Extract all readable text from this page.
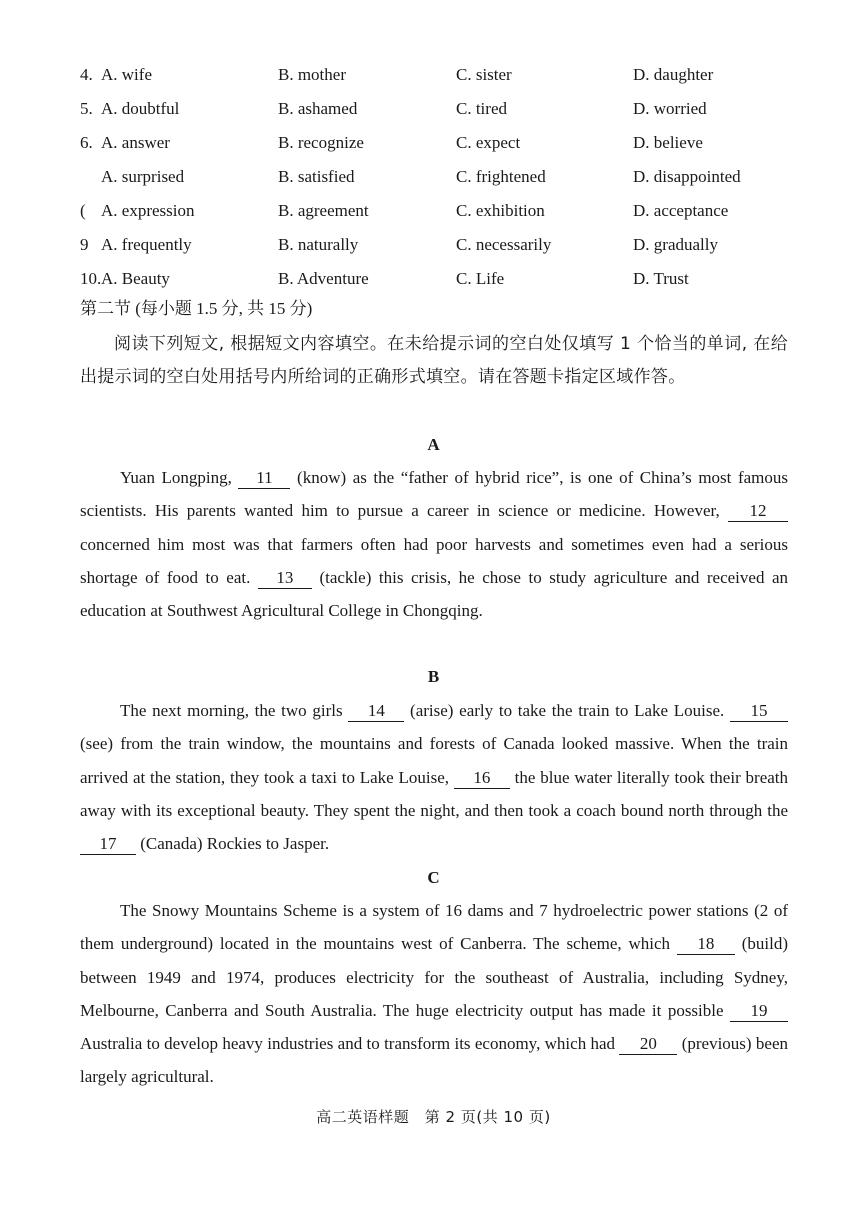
4. A. wife	B. mother	C. sister	D. daughter
5. A. doubtful	B. ashamed	C. tired	D. worried
6. A. answer	B. recognize	C. expect	D. believe
A. surprised	B. satisfied	C. frightened	D. disappointed
( A. expression	B. agreement	C. exhibition	D. acceptance
9 A. frequently	B. naturally	C. necessarily	D. gradually
10. A. Beauty	B. Adventure	C. Life	D. Trust
第二节 (每小题 1.5 分, 共 15 分)

阅读下列短文, 根据短文内容填空。在未给提示词的空白处仅填写 1 个恰当的单词, 在给出提示词的空白处用括号内所给词的正确形式填空。请在答题卡指定区域作答。

A

Yuan Longping, 11 (know) as the “father of hybrid rice”, is one of China’s most famous scientists. His parents wanted him to pursue a career in science or medicine. However, 12 concerned him most was that farmers often had poor harvests and sometimes even had a serious shortage of food to eat. 13 (tackle) this crisis, he chose to study agriculture and received an education at Southwest Agricultural College in Chongqing.

B

The next morning, the two girls 14 (arise) early to take the train to Lake Louise. 15 (see) from the train window, the mountains and forests of Canada looked massive. When the train arrived at the station, they took a taxi to Lake Louise, 16 the blue water literally took their breath away with its exceptional beauty. They spent the night, and then took a coach bound north through the 17 (Canada) Rockies to Jasper.

C

The Snowy Mountains Scheme is a system of 16 dams and 7 hydroelectric power stations (2 of them underground) located in the mountains west of Canberra. The scheme, which 18 (build) between 1949 and 1974, produces electricity for the southeast of Australia, including Sydney, Melbourne, Canberra and South Australia. The huge electricity output has made it possible 19 Australia to develop heavy industries and to transform its economy, which had 20 (previous) been largely agricultural.

高二英语样题　第 2 页(共 10 页)
